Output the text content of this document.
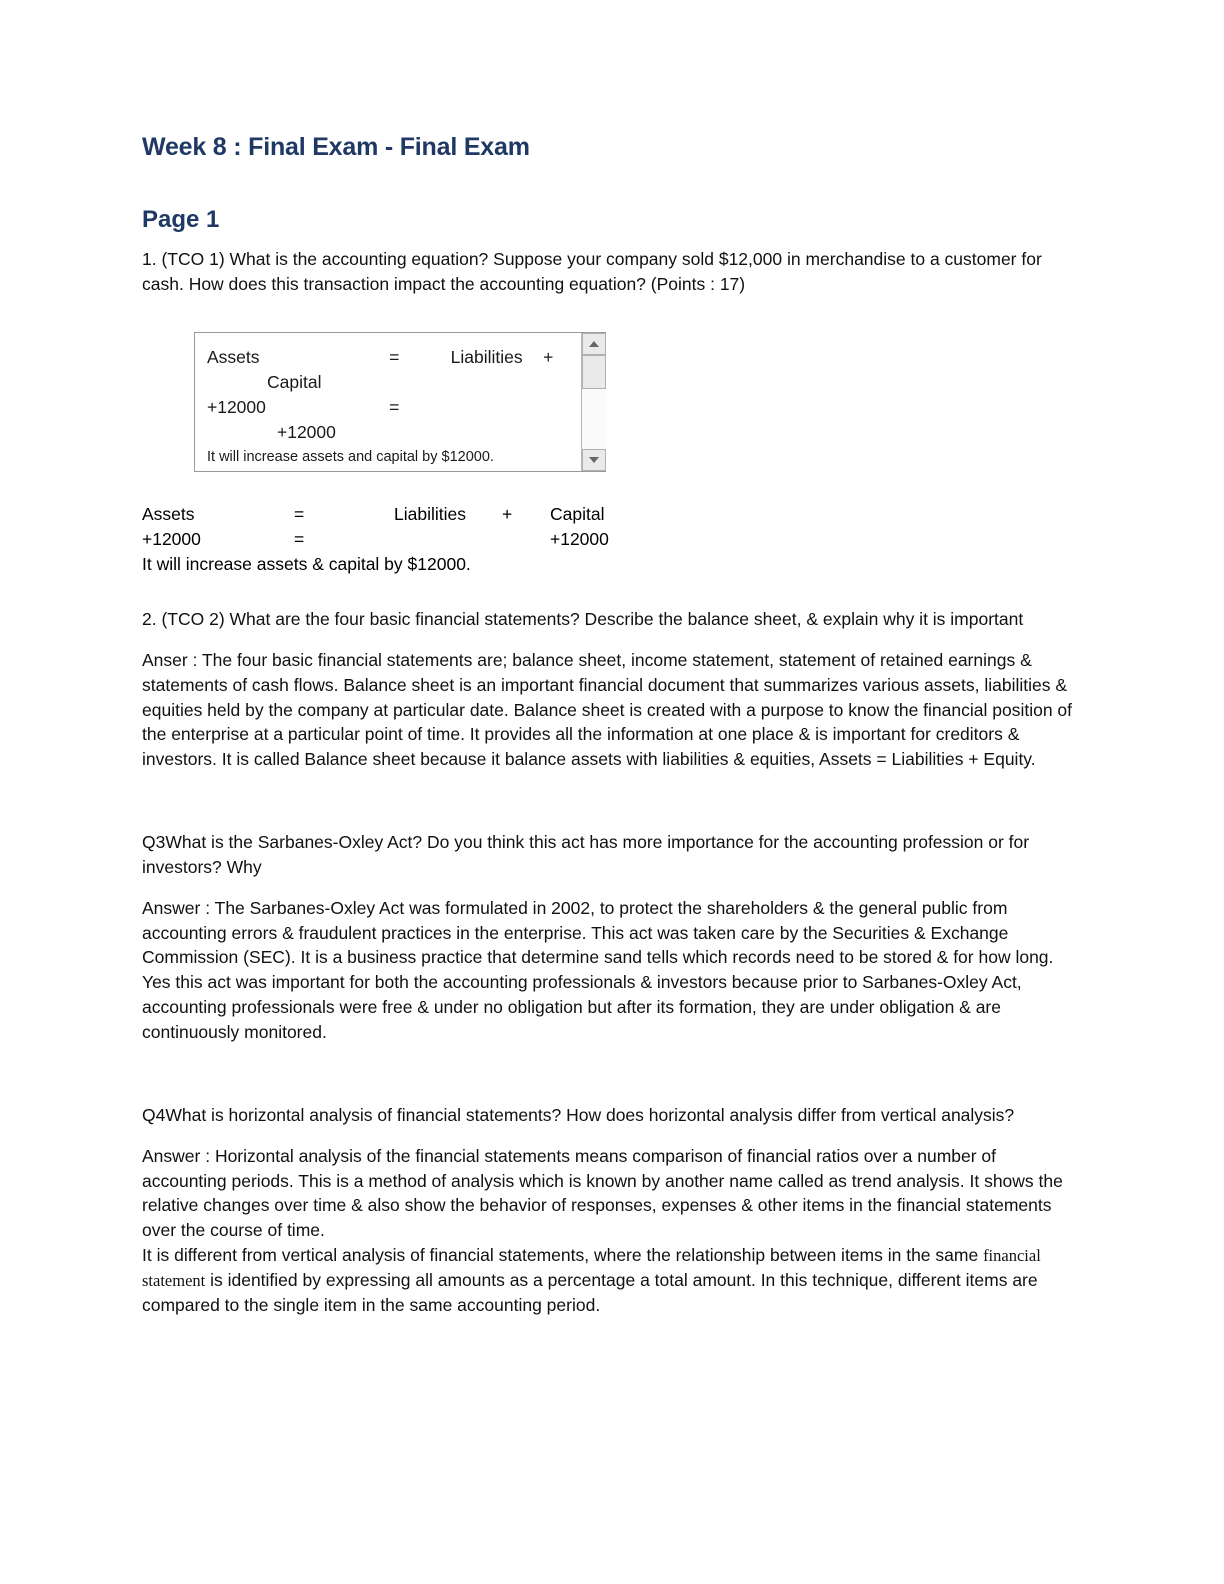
Week 8 : Final Exam - Final Exam
Page 1

1. (TCO 1) What is the accounting equation? Suppose your company sold $12,000 in merchandise to a customer for cash. How does this transaction impact the accounting equation? (Points : 17)

Assets	=	Liabilities	+
Capital			
+12000	=		
+12000			
It will increase assets and capital by $12000.
Assets	=	Liabilities	+	Capital
+12000	=			+12000
It will increase assets & capital by $12000.

2. (TCO 2) What are the four basic financial statements? Describe the balance sheet, & explain why it is important

Anser : The four basic financial statements are; balance sheet, income statement, statement of retained earnings & statements of cash flows. Balance sheet is an important financial document that summarizes various assets, liabilities & equities held by the company at particular date. Balance sheet is created with a purpose to know the financial position of the enterprise at a particular point of time. It provides all the information at one place & is important for creditors & investors. It is called Balance sheet because it balance assets with liabilities & equities, Assets = Liabilities + Equity.

Q3What is the Sarbanes-Oxley Act? Do you think this act has more importance for the accounting profession or for investors? Why

Answer : The Sarbanes-Oxley Act was formulated in 2002, to protect the shareholders & the general public from accounting errors & fraudulent practices in the enterprise. This act was taken care by the Securities & Exchange Commission (SEC). It is a business practice that determine sand tells which records need to be stored & for how long. Yes this act was important for both the accounting professionals & investors because prior to Sarbanes-Oxley Act, accounting professionals were free & under no obligation but after its formation, they are under obligation & are continuously monitored.

Q4What is horizontal analysis of financial statements? How does horizontal analysis differ from vertical analysis?

Answer : Horizontal analysis of the financial statements means comparison of financial ratios over a number of accounting periods. This is a method of analysis which is known by another name called as trend analysis. It shows the relative changes over time & also show the behavior of responses, expenses & other items in the financial statements over the course of time.

It is different from vertical analysis of financial statements, where the relationship between items in the same financial statement is identified by expressing all amounts as a percentage a total amount. In this technique, different items are compared to the single item in the same accounting period.
